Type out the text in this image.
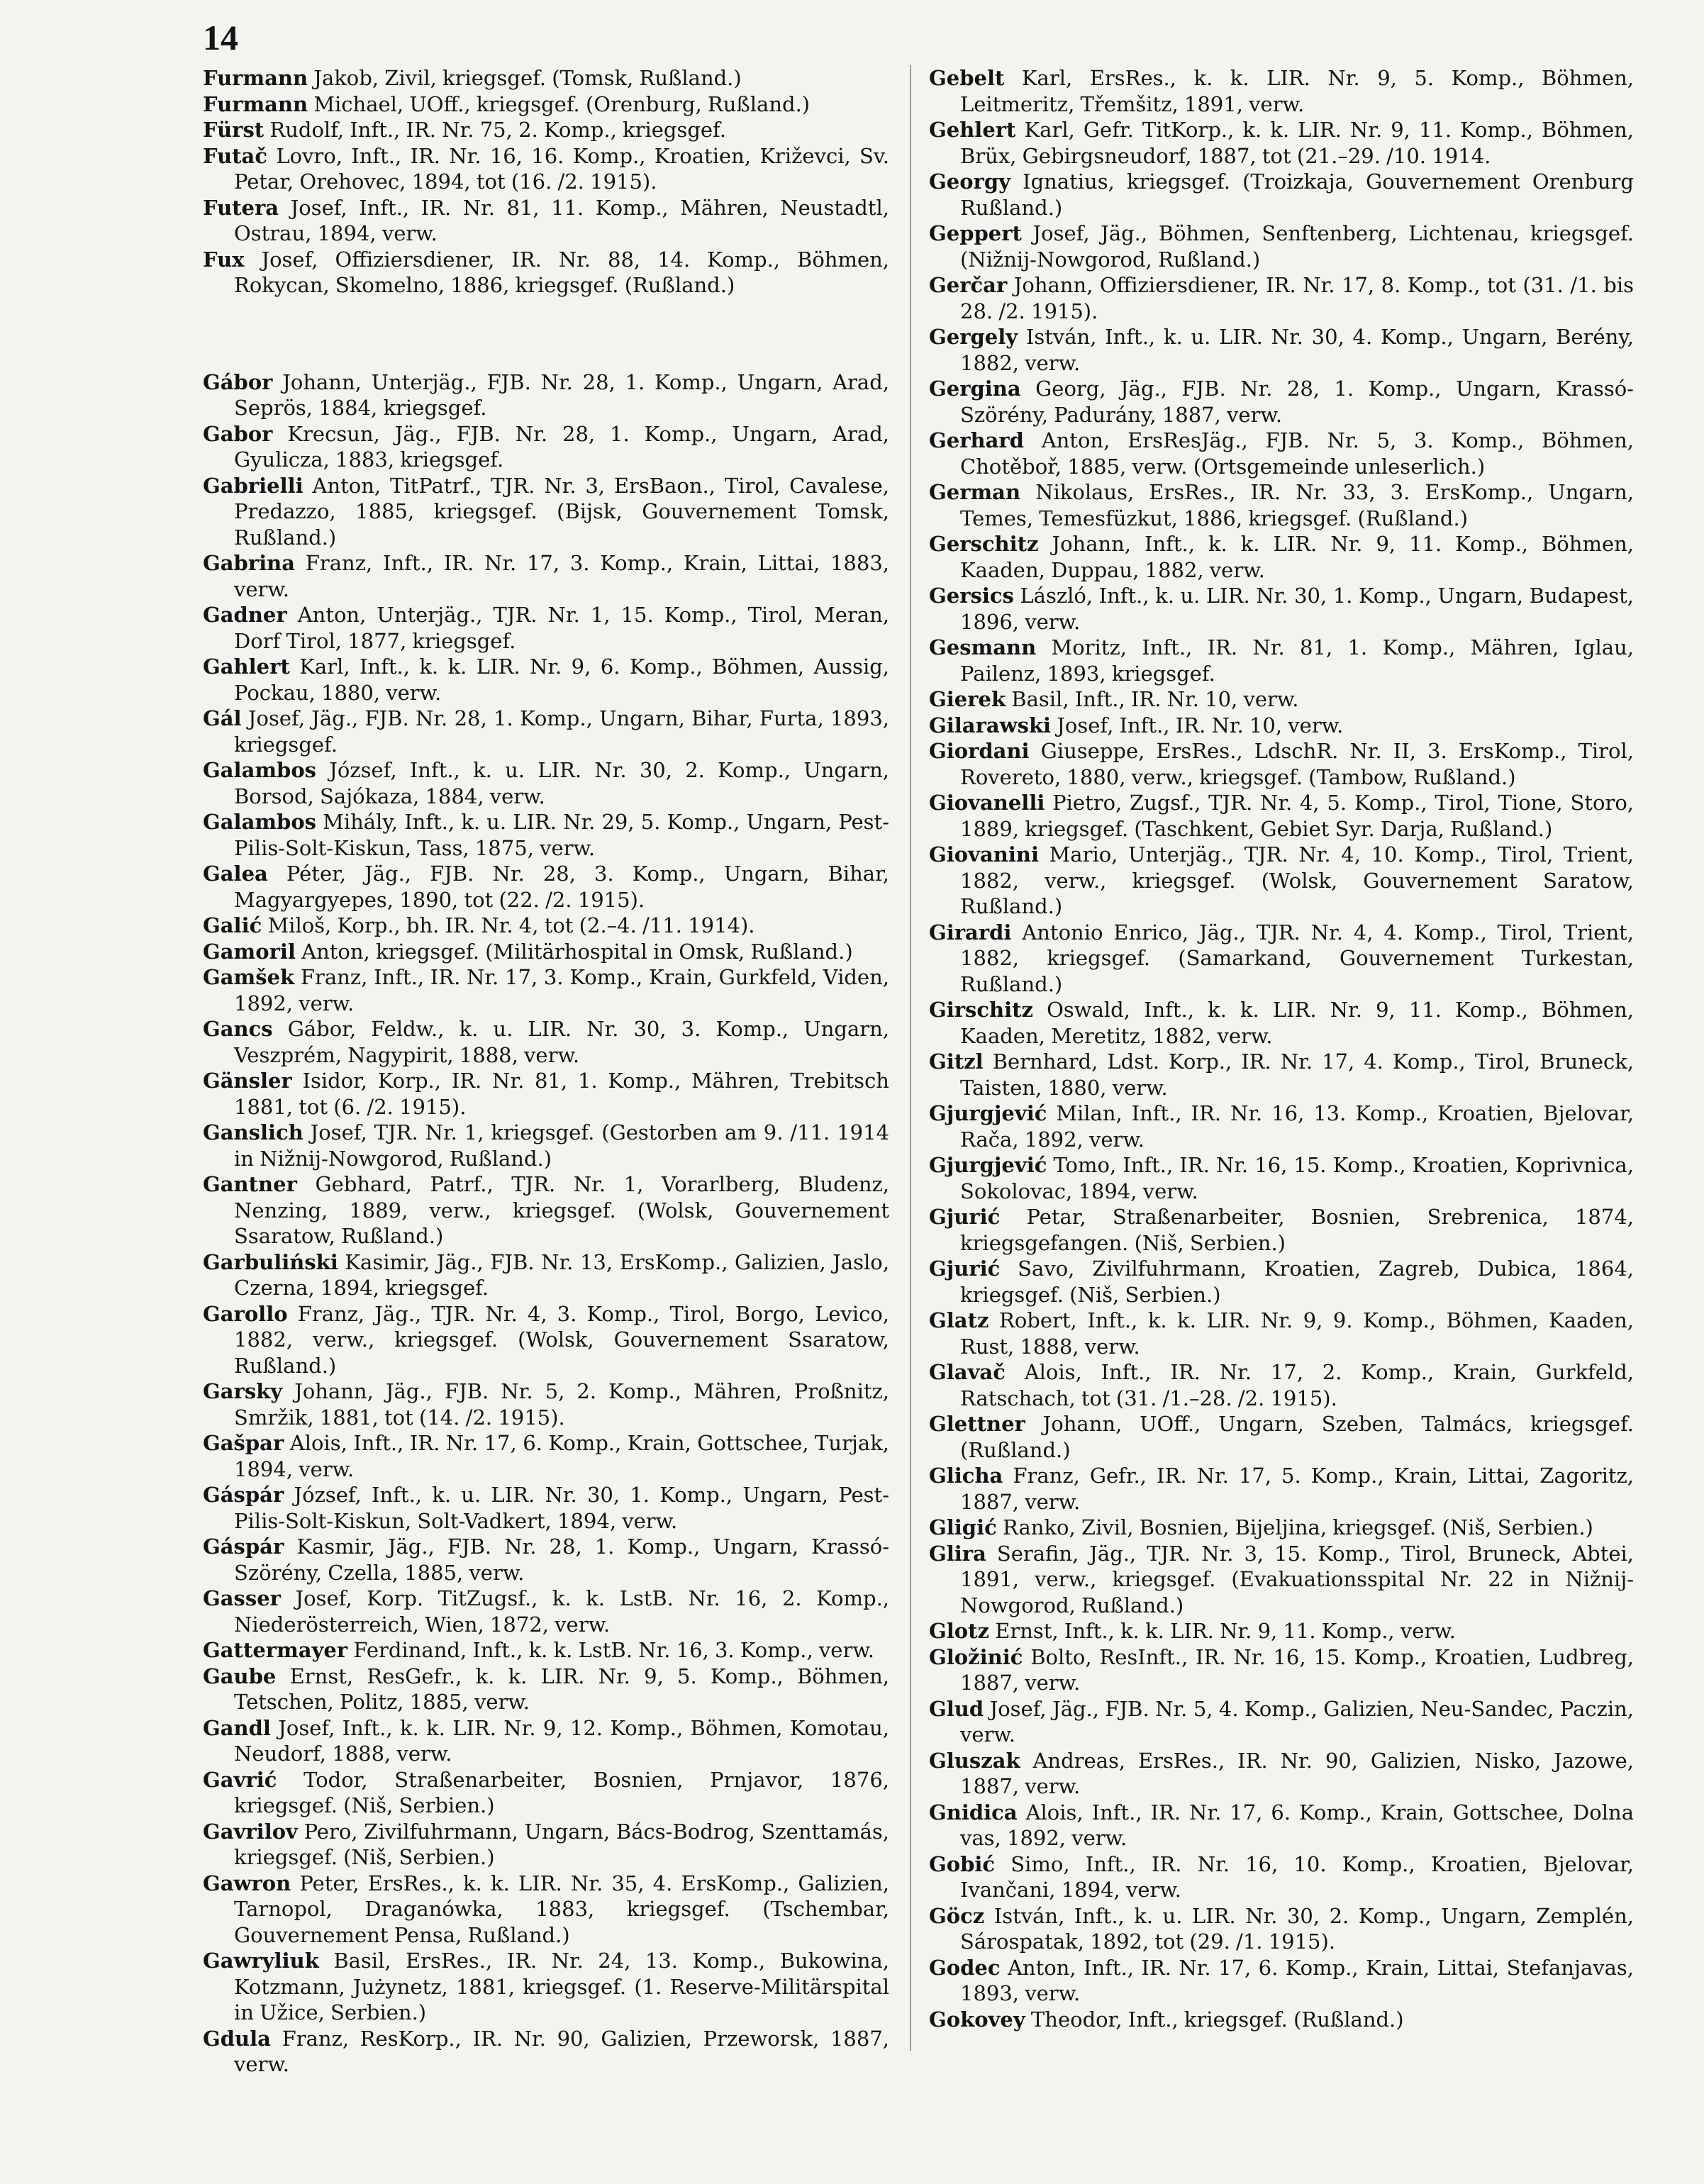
14

Furmann Jakob, Zivil, kriegsgef. (Tomsk, Rußland.)

Furmann Michael, UOff., kriegsgef. (Orenburg, Rußland.)

Fürst Rudolf, Inft., IR. Nr. 75, 2. Komp., kriegsgef.

Futač Lovro, Inft., IR. Nr. 16, 16. Komp., Kroatien, Križevci, Sv. Petar, Orehovec, 1894, tot (16. /2. 1915).

Futera Josef, Inft., IR. Nr. 81, 11. Komp., Mähren, Neustadtl, Ostrau, 1894, verw.

Fux Josef, Offiziersdiener, IR. Nr. 88, 14. Komp., Böhmen, Rokycan, Skomelno, 1886, kriegsgef. (Rußland.)

Gábor Johann, Unterjäg., FJB. Nr. 28, 1. Komp., Ungarn, Arad, Seprös, 1884, kriegsgef.

Gabor Krecsun, Jäg., FJB. Nr. 28, 1. Komp., Ungarn, Arad, Gyulicza, 1883, kriegsgef.

Gabrielli Anton, TitPatrf., TJR. Nr. 3, ErsBaon., Tirol, Cavalese, Predazzo, 1885, kriegsgef. (Bijsk, Gouvernement Tomsk, Rußland.)

Gabrina Franz, Inft., IR. Nr. 17, 3. Komp., Krain, Littai, 1883, verw.

Gadner Anton, Unterjäg., TJR. Nr. 1, 15. Komp., Tirol, Meran, Dorf Tirol, 1877, kriegsgef.

Gahlert Karl, Inft., k. k. LIR. Nr. 9, 6. Komp., Böhmen, Aussig, Pockau, 1880, verw.

Gál Josef, Jäg., FJB. Nr. 28, 1. Komp., Ungarn, Bihar, Furta, 1893, kriegsgef.

Galambos József, Inft., k. u. LIR. Nr. 30, 2. Komp., Ungarn, Borsod, Sajókaza, 1884, verw.

Galambos Mihály, Inft., k. u. LIR. Nr. 29, 5. Komp., Ungarn, Pest-Pilis-Solt-Kiskun, Tass, 1875, verw.

Galea Péter, Jäg., FJB. Nr. 28, 3. Komp., Ungarn, Bihar, Magyargyepes, 1890, tot (22. /2. 1915).

Galić Miloš, Korp., bh. IR. Nr. 4, tot (2.–4. /11. 1914).

Gamoril Anton, kriegsgef. (Militärhospital in Omsk, Rußland.)

Gamšek Franz, Inft., IR. Nr. 17, 3. Komp., Krain, Gurkfeld, Viden, 1892, verw.

Gancs Gábor, Feldw., k. u. LIR. Nr. 30, 3. Komp., Ungarn, Veszprém, Nagypirit, 1888, verw.

Gänsler Isidor, Korp., IR. Nr. 81, 1. Komp., Mähren, Trebitsch 1881, tot (6. /2. 1915).

Ganslich Josef, TJR. Nr. 1, kriegsgef. (Gestorben am 9. /11. 1914 in Nižnij-Nowgorod, Rußland.)

Gantner Gebhard, Patrf., TJR. Nr. 1, Vorarlberg, Bludenz, Nenzing, 1889, verw., kriegsgef. (Wolsk, Gouvernement Ssaratow, Rußland.)

Garbuliński Kasimir, Jäg., FJB. Nr. 13, ErsKomp., Galizien, Jaslo, Czerna, 1894, kriegsgef.

Garollo Franz, Jäg., TJR. Nr. 4, 3. Komp., Tirol, Borgo, Levico, 1882, verw., kriegsgef. (Wolsk, Gouvernement Ssaratow, Rußland.)

Garsky Johann, Jäg., FJB. Nr. 5, 2. Komp., Mähren, Proßnitz, Smržik, 1881, tot (14. /2. 1915).

Gašpar Alois, Inft., IR. Nr. 17, 6. Komp., Krain, Gottschee, Turjak, 1894, verw.

Gáspár József, Inft., k. u. LIR. Nr. 30, 1. Komp., Ungarn, Pest-Pilis-Solt-Kiskun, Solt-Vadkert, 1894, verw.

Gáspár Kasmir, Jäg., FJB. Nr. 28, 1. Komp., Ungarn, Krassó-Szörény, Czella, 1885, verw.

Gasser Josef, Korp. TitZugsf., k. k. LstB. Nr. 16, 2. Komp., Niederösterreich, Wien, 1872, verw.

Gattermayer Ferdinand, Inft., k. k. LstB. Nr. 16, 3. Komp., verw.

Gaube Ernst, ResGefr., k. k. LIR. Nr. 9, 5. Komp., Böhmen, Tetschen, Politz, 1885, verw.

Gandl Josef, Inft., k. k. LIR. Nr. 9, 12. Komp., Böhmen, Komotau, Neudorf, 1888, verw.

Gavrić Todor, Straßenarbeiter, Bosnien, Prnjavor, 1876, kriegsgef. (Niš, Serbien.)

Gavrilov Pero, Zivilfuhrmann, Ungarn, Bács-Bodrog, Szenttamás, kriegsgef. (Niš, Serbien.)

Gawron Peter, ErsRes., k. k. LIR. Nr. 35, 4. ErsKomp., Galizien, Tarnopol, Draganówka, 1883, kriegsgef. (Tschembar, Gouvernement Pensa, Rußland.)

Gawryliuk Basil, ErsRes., IR. Nr. 24, 13. Komp., Bukowina, Kotzmann, Jużynetz, 1881, kriegsgef. (1. Reserve-Militärspital in Užice, Serbien.)

Gdula Franz, ResKorp., IR. Nr. 90, Galizien, Przeworsk, 1887, verw.

Gebelt Karl, ErsRes., k. k. LIR. Nr. 9, 5. Komp., Böhmen, Leitmeritz, Třemšitz, 1891, verw.

Gehlert Karl, Gefr. TitKorp., k. k. LIR. Nr. 9, 11. Komp., Böhmen, Brüx, Gebirgsneudorf, 1887, tot (21.–29. /10. 1914.

Georgy Ignatius, kriegsgef. (Troizkaja, Gouvernement Orenburg Rußland.)

Geppert Josef, Jäg., Böhmen, Senftenberg, Lichtenau, kriegsgef. (Nižnij-Nowgorod, Rußland.)

Gerčar Johann, Offiziersdiener, IR. Nr. 17, 8. Komp., tot (31. /1. bis 28. /2. 1915).

Gergely István, Inft., k. u. LIR. Nr. 30, 4. Komp., Ungarn, Berény, 1882, verw.

Gergina Georg, Jäg., FJB. Nr. 28, 1. Komp., Ungarn, Krassó-Szörény, Padurány, 1887, verw.

Gerhard Anton, ErsResJäg., FJB. Nr. 5, 3. Komp., Böhmen, Chotěboř, 1885, verw. (Ortsgemeinde unleserlich.)

German Nikolaus, ErsRes., IR. Nr. 33, 3. ErsKomp., Ungarn, Temes, Temesfüzkut, 1886, kriegsgef. (Rußland.)

Gerschitz Johann, Inft., k. k. LIR. Nr. 9, 11. Komp., Böhmen, Kaaden, Duppau, 1882, verw.

Gersics László, Inft., k. u. LIR. Nr. 30, 1. Komp., Ungarn, Budapest, 1896, verw.

Gesmann Moritz, Inft., IR. Nr. 81, 1. Komp., Mähren, Iglau, Pailenz, 1893, kriegsgef.

Gierek Basil, Inft., IR. Nr. 10, verw.

Gilarawski Josef, Inft., IR. Nr. 10, verw.

Giordani Giuseppe, ErsRes., LdschR. Nr. II, 3. ErsKomp., Tirol, Rovereto, 1880, verw., kriegsgef. (Tambow, Rußland.)

Giovanelli Pietro, Zugsf., TJR. Nr. 4, 5. Komp., Tirol, Tione, Storo, 1889, kriegsgef. (Taschkent, Gebiet Syr. Darja, Rußland.)

Giovanini Mario, Unterjäg., TJR. Nr. 4, 10. Komp., Tirol, Trient, 1882, verw., kriegsgef. (Wolsk, Gouvernement Saratow, Rußland.)

Girardi Antonio Enrico, Jäg., TJR. Nr. 4, 4. Komp., Tirol, Trient, 1882, kriegsgef. (Samarkand, Gouvernement Turkestan, Rußland.)

Girschitz Oswald, Inft., k. k. LIR. Nr. 9, 11. Komp., Böhmen, Kaaden, Meretitz, 1882, verw.

Gitzl Bernhard, Ldst. Korp., IR. Nr. 17, 4. Komp., Tirol, Bruneck, Taisten, 1880, verw.

Gjurgjević Milan, Inft., IR. Nr. 16, 13. Komp., Kroatien, Bjelovar, Rača, 1892, verw.

Gjurgjević Tomo, Inft., IR. Nr. 16, 15. Komp., Kroatien, Koprivnica, Sokolovac, 1894, verw.

Gjurić Petar, Straßenarbeiter, Bosnien, Srebrenica, 1874, kriegsgefangen. (Niš, Serbien.)

Gjurić Savo, Zivilfuhrmann, Kroatien, Zagreb, Dubica, 1864, kriegsgef. (Niš, Serbien.)

Glatz Robert, Inft., k. k. LIR. Nr. 9, 9. Komp., Böhmen, Kaaden, Rust, 1888, verw.

Glavač Alois, Inft., IR. Nr. 17, 2. Komp., Krain, Gurkfeld, Ratschach, tot (31. /1.–28. /2. 1915).

Glettner Johann, UOff., Ungarn, Szeben, Talmács, kriegsgef. (Rußland.)

Glicha Franz, Gefr., IR. Nr. 17, 5. Komp., Krain, Littai, Zagoritz, 1887, verw.

Gligić Ranko, Zivil, Bosnien, Bijeljina, kriegsgef. (Niš, Serbien.)

Glira Serafin, Jäg., TJR. Nr. 3, 15. Komp., Tirol, Bruneck, Abtei, 1891, verw., kriegsgef. (Evakuationsspital Nr. 22 in Nižnij-Nowgorod, Rußland.)

Glotz Ernst, Inft., k. k. LIR. Nr. 9, 11. Komp., verw.

Gložinić Bolto, ResInft., IR. Nr. 16, 15. Komp., Kroatien, Ludbreg, 1887, verw.

Glud Josef, Jäg., FJB. Nr. 5, 4. Komp., Galizien, Neu-Sandec, Paczin, verw.

Gluszak Andreas, ErsRes., IR. Nr. 90, Galizien, Nisko, Jazowe, 1887, verw.

Gnidica Alois, Inft., IR. Nr. 17, 6. Komp., Krain, Gottschee, Dolna vas, 1892, verw.

Gobić Simo, Inft., IR. Nr. 16, 10. Komp., Kroatien, Bjelovar, Ivančani, 1894, verw.

Göcz István, Inft., k. u. LIR. Nr. 30, 2. Komp., Ungarn, Zemplén, Sárospatak, 1892, tot (29. /1. 1915).

Godec Anton, Inft., IR. Nr. 17, 6. Komp., Krain, Littai, Stefanjavas, 1893, verw.

Gokovey Theodor, Inft., kriegsgef. (Rußland.)
